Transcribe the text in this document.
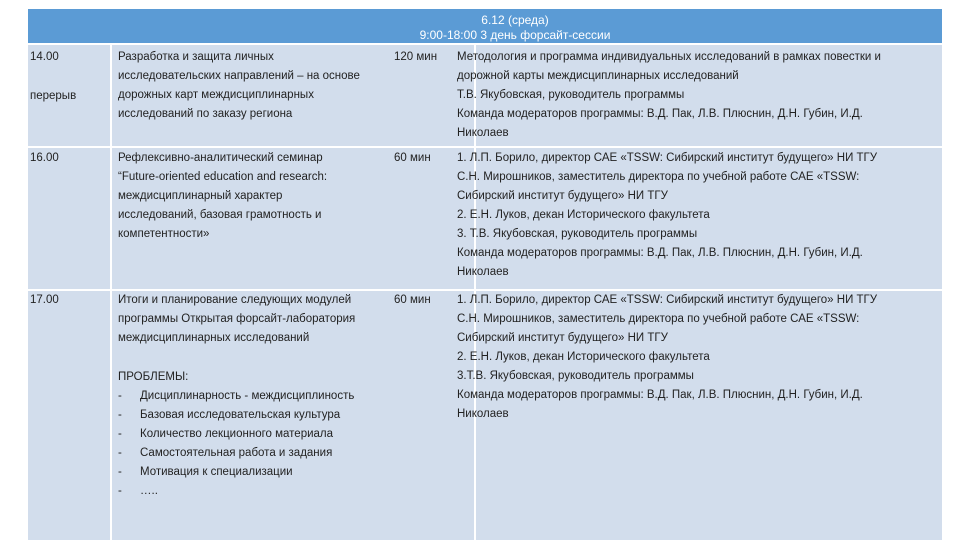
6.12 (среда)
9:00-18:00 3 день форсайт-сессии
14.00
перерыв
Разработка и защита личных
исследовательских направлений – на основе
дорожных карт междисциплинарных
исследований по заказу региона
120 мин Методология и программа индивидуальных исследований в рамках повестки и
дорожной карты междисциплинарных исследований
Т.В. Якубовская, руководитель программы
Команда модераторов программы: В.Д. Пак, Л.В. Плюснин, Д.Н. Губин, И.Д.
Николаев
16.00	Рефлексивно-аналитический семинар
“Future-oriented education and research:
междисциплинарный характер
исследований, базовая грамотность и
компетентности»
60 мин 1. Л.П. Борило, директор САЕ «TSSW: Сибирский институт будущего» НИ ТГУ
С.Н. Мирошников, заместитель директора по учебной работе САЕ «TSSW:
Сибирский институт будущего» НИ ТГУ
2. Е.Н. Луков, декан Исторического факультета
3. Т.В. Якубовская, руководитель программы
Команда модераторов программы: В.Д. Пак, Л.В. Плюснин, Д.Н. Губин, И.Д.
Николаев
17.00	Итоги и планирование следующих модулей
программы Открытая форсайт-лаборатория
междисциплинарных исследований
ПРОБЛЕМЫ:
- Дисциплинарность - междисциплиность
- Базовая исследовательская культура
- Количество лекционного материала
- Самостоятельная работа и задания
- Мотивация к специализации
- …..
60 мин 1. Л.П. Борило, директор САЕ «TSSW: Сибирский институт будущего» НИ ТГУ
С.Н. Мирошников, заместитель директора по учебной работе САЕ «TSSW:
Сибирский институт будущего» НИ ТГУ
2. Е.Н. Луков, декан Исторического факультета
3.Т.В. Якубовская, руководитель программы
Команда модераторов программы: В.Д. Пак, Л.В. Плюснин, Д.Н. Губин, И.Д.
Николаев
